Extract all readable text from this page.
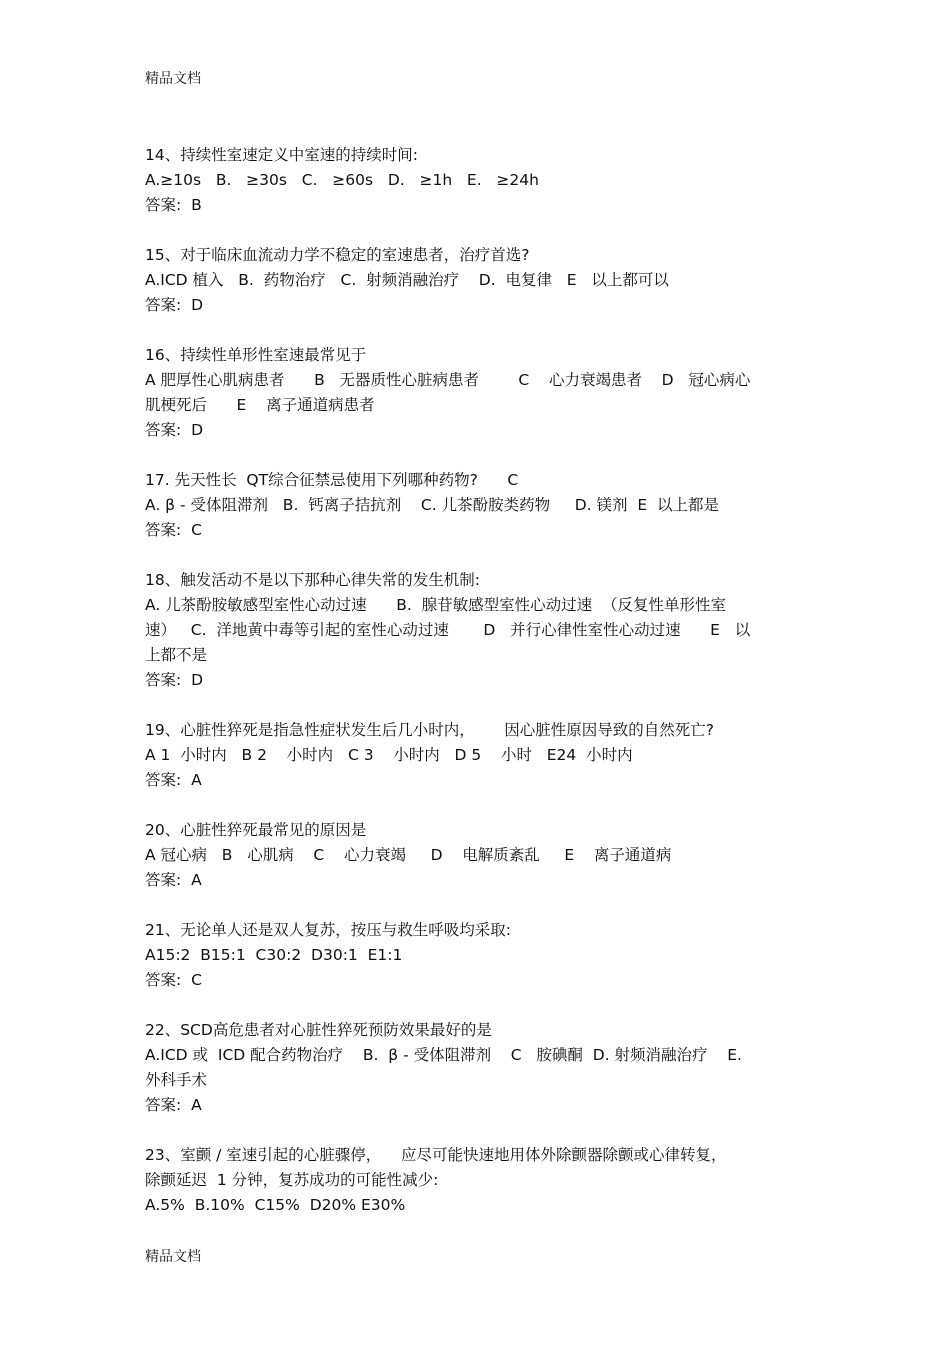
精品文档
14、持续性室速定义中室速的持续时间:
A.≥10s   B.   ≥30s   C.   ≥60s   D.   ≥1h   E.   ≥24h
答案:  B
15、对于临床血流动力学不稳定的室速患者，治疗首选?
A.ICD 植入   B.  药物治疗   C.  射频消融治疗    D.  电复律   E   以上都可以
答案:  D
16、持续性单形性室速最常见于
A 肥厚性心肌病患者      B   无器质性心脏病患者        C    心力衰竭患者    D   冠心病心
肌梗死后      E    离子通道病患者
答案:  D
17. 先天性长  QT综合征禁忌使用下列哪种药物?      C
A. β - 受体阻滞剂   B.  钙离子拮抗剂    C. 儿茶酚胺类药物     D. 镁剂  E  以上都是
答案:  C
18、触发活动不是以下那种心律失常的发生机制:
A. 儿茶酚胺敏感型室性心动过速      B.  腺苷敏感型室性心动过速  （反复性单形性室
速）   C.  洋地黄中毒等引起的室性心动过速       D   并行心律性室性心动过速      E   以
上都不是
答案:  D
19、心脏性猝死是指急性症状发生后几小时内，      因心脏性原因导致的自然死亡?
A 1  小时内   B 2    小时内   C 3    小时内   D 5    小时   E24  小时内
答案:  A
20、心脏性猝死最常见的原因是
A 冠心病   B   心肌病    C    心力衰竭     D    电解质紊乱     E    离子通道病
答案:  A
21、无论单人还是双人复苏，按压与救生呼吸均采取:
A15:2  B15:1  C30:2  D30:1  E1:1
答案:  C
22、SCD高危患者对心脏性猝死预防效果最好的是
A.ICD 或  ICD 配合药物治疗    B.  β - 受体阻滞剂    C   胺碘酮  D. 射频消融治疗    E.
外科手术
答案:  A
23、室颤 / 室速引起的心脏骤停，    应尽可能快速地用体外除颤器除颤或心律转复，
除颤延迟  1 分钟，复苏成功的可能性减少:
A.5%  B.10%  C15%  D20% E30%
精品文档
